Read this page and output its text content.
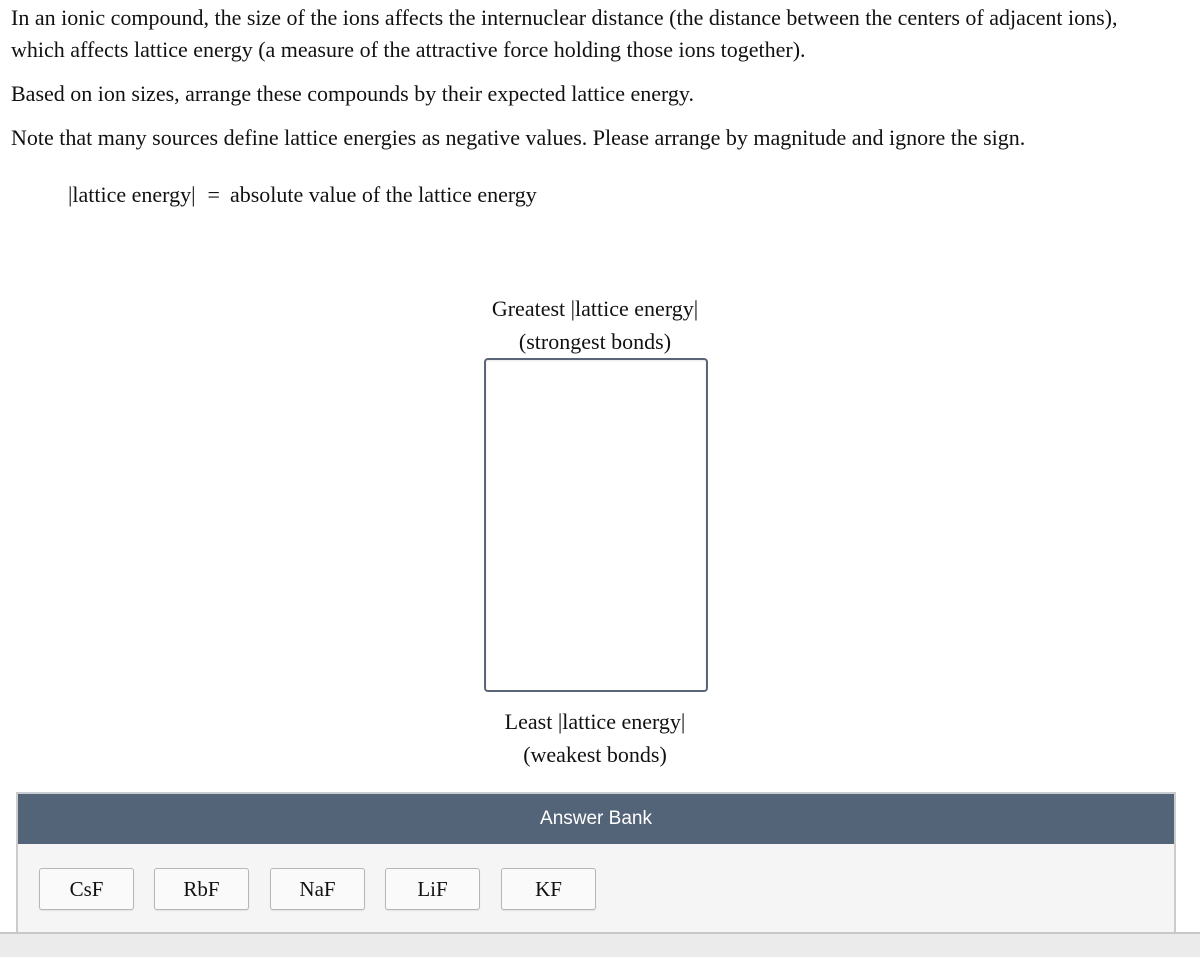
In an ionic compound, the size of the ions affects the internuclear distance (the distance between the centers of adjacent ions),
which affects lattice energy (a measure of the attractive force holding those ions together).

Based on ion sizes, arrange these compounds by their expected lattice energy.

Note that many sources define lattice energies as negative values. Please arrange by magnitude and ignore the sign.

|lattice energy| = absolute value of the lattice energy
Greatest |lattice energy|
(strongest bonds)
Least |lattice energy|
(weakest bonds)
Answer Bank
CsF	RbF	NaF	LiF	KF
